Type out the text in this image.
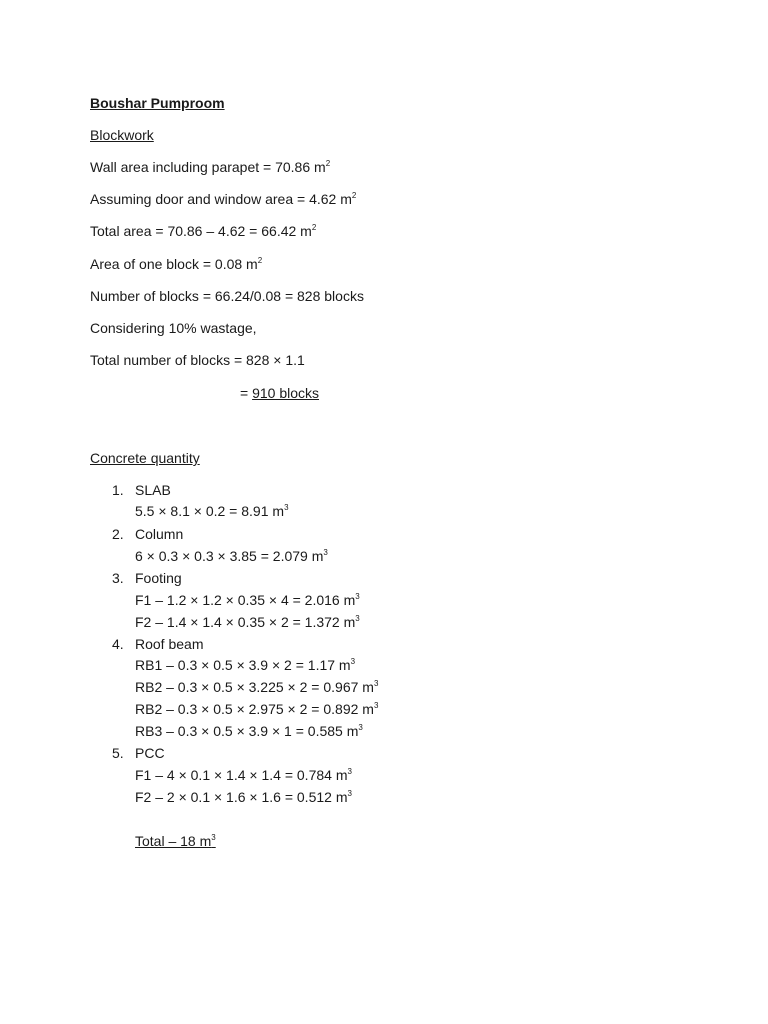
Boushar Pumproom
Blockwork
Wall area including parapet = 70.86 $m^2$
Assuming door and window area = 4.62 $m^2$
Total area = 70.86 – 4.62 = 66.42 $m^2$
Area of one block = 0.08 $m^2$
Number of blocks = 66.24/0.08 = 828 blocks
Considering 10% wastage,
Total number of blocks = 828 × 1.1
= 910 blocks
Concrete quantity
1. SLAB
5.5 × 8.1 × 0.2 = 8.91 $m^3$
2. Column
6 × 0.3 × 0.3 × 3.85 = 2.079 $m^3$
3. Footing
F1 – 1.2 × 1.2 × 0.35 × 4 = 2.016 $m^3$
F2 – 1.4 × 1.4 × 0.35 × 2 = 1.372 $m^3$
4. Roof beam
RB1 – 0.3 × 0.5 × 3.9 × 2 = 1.17 $m^3$
RB2 – 0.3 × 0.5 × 3.225 × 2 = 0.967 $m^3$
RB2 – 0.3 × 0.5 × 2.975 × 2 = 0.892 $m^3$
RB3 – 0.3 × 0.5 × 3.9 × 1 = 0.585 $m^3$
5. PCC
F1 – 4 × 0.1 × 1.4 × 1.4 = 0.784 $m^3$
F2 – 2 × 0.1 × 1.6 × 1.6 = 0.512 $m^3$
Total – 18 $m^3$
